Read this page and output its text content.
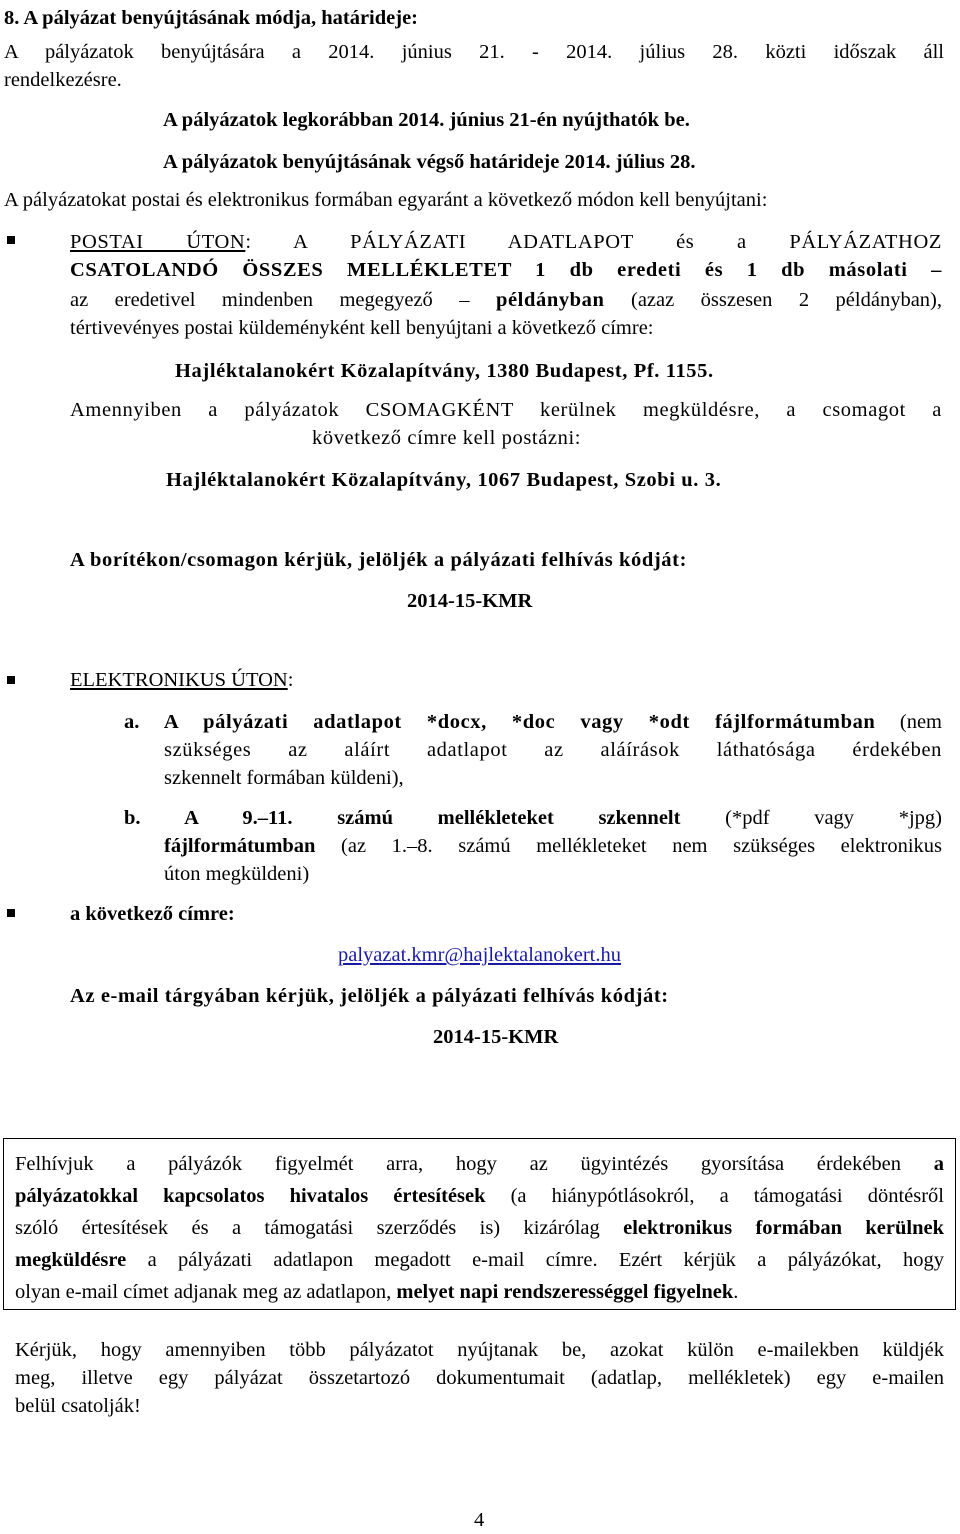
8. A pályázat benyújtásának módja, határideje:
A pályázatok benyújtására a 2014. június 21. - 2014. július 28. közti időszak áll
rendelkezésre.
A pályázatok legkorábban 2014. június 21-én nyújthatók be.
A pályázatok benyújtásának végső határideje 2014. július 28.
A pályázatokat postai és elektronikus formában egyaránt a következő módon kell benyújtani:
POSTAI ÚTON: A PÁLYÁZATI ADATLAPOT és a PÁLYÁZATHOZ
CSATOLANDÓ ÖSSZES MELLÉKLETET 1 db eredeti és 1 db másolati –
az eredetivel mindenben megegyező – példányban (azaz összesen 2 példányban),
tértivevényes postai küldeményként kell benyújtani a következő címre:
Hajléktalanokért Közalapítvány, 1380 Budapest, Pf. 1155.
Amennyiben a pályázatok CSOMAGKÉNT kerülnek megküldésre, a csomagot a
következő címre kell postázni:
Hajléktalanokért Közalapítvány, 1067 Budapest, Szobi u. 3.
A borítékon/csomagon kérjük, jelöljék a pályázati felhívás kódját:
2014-15-KMR
ELEKTRONIKUS ÚTON:
a. A pályázati adatlapot *docx, *doc vagy *odt fájlformátumban (nem
szükséges az aláírt adatlapot az aláírások láthatósága érdekében
szkennelt formában küldeni),
b. A 9.–11. számú mellékleteket szkennelt (*pdf vagy *jpg)
fájlformátumban (az 1.–8. számú mellékleteket nem szükséges elektronikus
úton megküldeni)
a következő címre:
palyazat.kmr@hajlektalanokert.hu
Az e-mail tárgyában kérjük, jelöljék a pályázati felhívás kódját:
2014-15-KMR
Felhívjuk a pályázók figyelmét arra, hogy az ügyintézés gyorsítása érdekében a
pályázatokkal kapcsolatos hivatalos értesítések (a hiánypótlásokról, a támogatási döntésről
szóló értesítések és a támogatási szerződés is) kizárólag elektronikus formában kerülnek
megküldésre a pályázati adatlapon megadott e-mail címre. Ezért kérjük a pályázókat, hogy
olyan e-mail címet adjanak meg az adatlapon, melyet napi rendszerességgel figyelnek.
Kérjük, hogy amennyiben több pályázatot nyújtanak be, azokat külön e-mailekben küldjék
meg, illetve egy pályázat összetartozó dokumentumait (adatlap, mellékletek) egy e-mailen
belül csatolják!
4
